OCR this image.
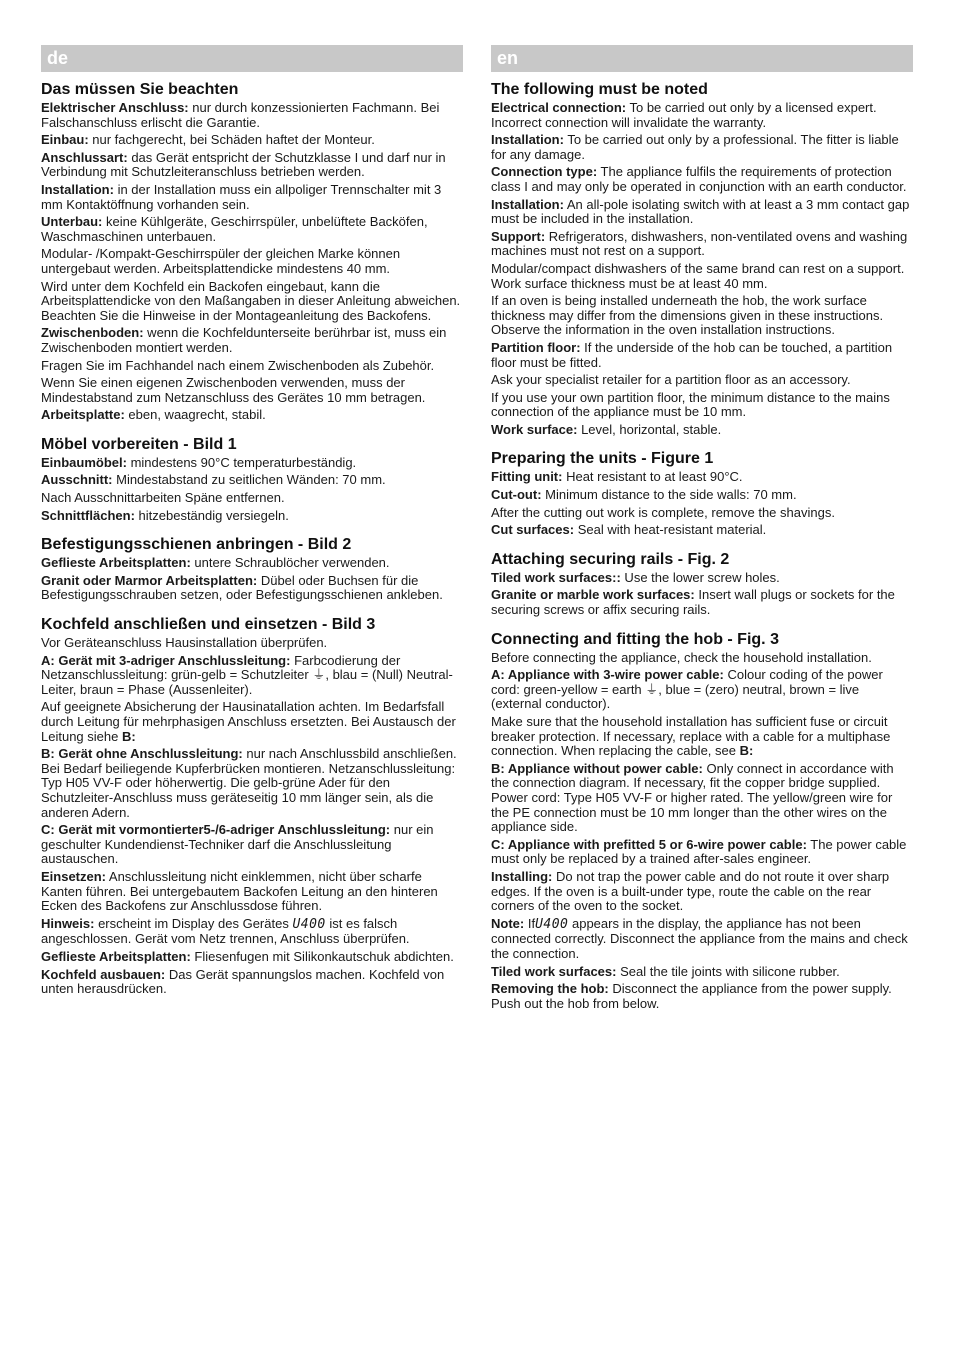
de
Das müssen Sie beachten

Elektrischer Anschluss: nur durch konzessionierten Fachmann. Bei Falschanschluss erlischt die Garantie.

Einbau: nur fachgerecht, bei Schäden haftet der Monteur.

Anschlussart: das Gerät entspricht der Schutzklasse I und darf nur in Verbindung mit Schutzleiteranschluss betrieben werden.

Installation: in der Installation muss ein allpoliger Trennschalter mit 3 mm Kontaktöffnung vorhanden sein.

Unterbau: keine Kühlgeräte, Geschirrspüler, unbelüftete Backöfen, Waschmaschinen unterbauen.

Modular- /Kompakt-Geschirrspüler der gleichen Marke können untergebaut werden. Arbeitsplattendicke mindestens 40 mm.

Wird unter dem Kochfeld ein Backofen eingebaut, kann die Arbeitsplattendicke von den Maßangaben in dieser Anleitung abweichen. Beachten Sie die Hinweise in der Montageanleitung des Backofens.

Zwischenboden: wenn die Kochfeldunterseite berührbar ist, muss ein Zwischenboden montiert werden.

Fragen Sie im Fachhandel nach einem Zwischenboden als Zubehör.

Wenn Sie einen eigenen Zwischenboden verwenden, muss der Mindestabstand zum Netzanschluss des Gerätes 10 mm betragen.

Arbeitsplatte: eben, waagrecht, stabil.

Möbel vorbereiten - Bild 1

Einbaumöbel: mindestens 90°C temperaturbeständig.

Ausschnitt: Mindestabstand zu seitlichen Wänden: 70 mm.

Nach Ausschnittarbeiten Späne entfernen.

Schnittflächen: hitzebeständig versiegeln.

Befestigungsschienen anbringen - Bild 2

Geflieste Arbeitsplatten: untere Schraublöcher verwenden.

Granit oder Marmor Arbeitsplatten: Dübel oder Buchsen für die Befestigungsschrauben setzen, oder Befestigungsschienen ankleben.

Kochfeld anschließen und einsetzen - Bild 3

Vor Geräteanschluss Hausinstallation überprüfen.

A: Gerät mit 3-adriger Anschlussleitung: Farbcodierung der Netzanschlussleitung: grün-gelb = Schutzleiter ⏚, blau = (Null) Neutral-Leiter, braun = Phase (Aussenleiter).

Auf geeignete Absicherung der Hausinatallation achten. Im Bedarfsfall durch Leitung für mehrphasigen Anschluss ersetzten. Bei Austausch der Leitung siehe B:

B: Gerät ohne Anschlussleitung: nur nach Anschlussbild anschließen. Bei Bedarf beiliegende Kupferbrücken montieren. Netzanschlussleitung: Typ H05 VV-F oder höherwertig. Die gelb-grüne Ader für den Schutzleiter-Anschluss muss geräteseitig 10 mm länger sein, als die anderen Adern.

C: Gerät mit vormontierter5-/6-adriger Anschlussleitung: nur ein geschulter Kundendienst-Techniker darf die Anschlussleitung austauschen.

Einsetzen: Anschlussleitung nicht einklemmen, nicht über scharfe Kanten führen. Bei untergebautem Backofen Leitung an den hinteren Ecken des Backofens zur Anschlussdose führen.

Hinweis: erscheint im Display des Gerätes U400 ist es falsch angeschlossen. Gerät vom Netz trennen, Anschluss überprüfen.

Geflieste Arbeitsplatten: Fliesenfugen mit Silikonkautschuk abdichten.

Kochfeld ausbauen: Das Gerät spannungslos machen. Kochfeld von unten herausdrücken.

en
The following must be noted

Electrical connection: To be carried out only by a licensed expert. Incorrect connection will invalidate the warranty.

Installation: To be carried out only by a professional. The fitter is liable for any damage.

Connection type: The appliance fulfils the requirements of protection class I and may only be operated in conjunction with an earth conductor.

Installation: An all-pole isolating switch with at least a 3 mm contact gap must be included in the installation.

Support: Refrigerators, dishwashers, non-ventilated ovens and washing machines must not rest on a support.

Modular/compact dishwashers of the same brand can rest on a support. Work surface thickness must be at least 40 mm.

If an oven is being installed underneath the hob, the work surface thickness may differ from the dimensions given in these instructions. Observe the information in the oven installation instructions.

Partition floor: If the underside of the hob can be touched, a partition floor must be fitted.

Ask your specialist retailer for a partition floor as an accessory.

If you use your own partition floor, the minimum distance to the mains connection of the appliance must be 10 mm.

Work surface: Level, horizontal, stable.

Preparing the units - Figure 1

Fitting unit: Heat resistant to at least 90°C.

Cut-out: Minimum distance to the side walls: 70 mm.

After the cutting out work is complete, remove the shavings.

Cut surfaces: Seal with heat-resistant material.

Attaching securing rails - Fig. 2

Tiled work surfaces:: Use the lower screw holes.

Granite or marble work surfaces: Insert wall plugs or sockets for the securing screws or affix securing rails.

Connecting and fitting the hob - Fig. 3

Before connecting the appliance, check the household installation.

A: Appliance with 3-wire power cable: Colour coding of the power cord: green-yellow = earth ⏚, blue = (zero) neutral, brown = live (external conductor).

Make sure that the household installation has sufficient fuse or circuit breaker protection. If necessary, replace with a cable for a multiphase connection. When replacing the cable, see B:

B: Appliance without power cable: Only connect in accordance with the connection diagram. If necessary, fit the copper bridge supplied. Power cord: Type H05 VV-F or higher rated. The yellow/green wire for the PE connection must be 10 mm longer than the other wires on the appliance side.

C: Appliance with prefitted 5 or 6-wire power cable: The power cable must only be replaced by a trained after-sales engineer.

Installing: Do not trap the power cable and do not route it over sharp edges. If the oven is a built-under type, route the cable on the rear corners of the oven to the socket.

Note: IfU400 appears in the display, the appliance has not been connected correctly. Disconnect the appliance from the mains and check the connection.

Tiled work surfaces: Seal the tile joints with silicone rubber.

Removing the hob: Disconnect the appliance from the power supply. Push out the hob from below.
